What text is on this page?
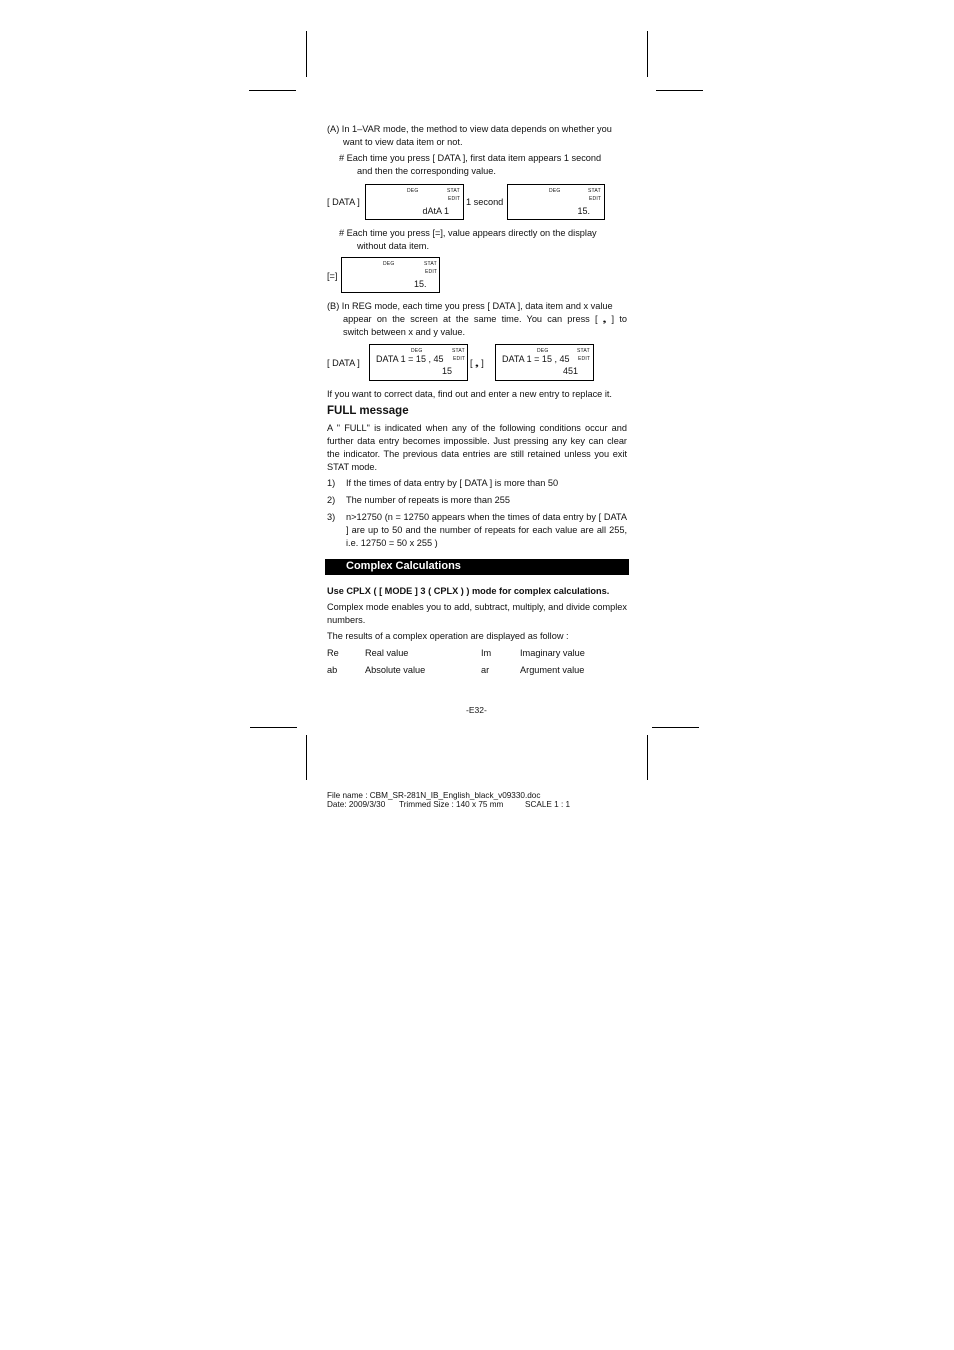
(A) In 1–VAR mode, the method to view data depends on whether you
want to view data item or not.
# Each time you press [ DATA ], first data item appears 1 second
and then the corresponding value.
[ DATA ]
DEG	STAT
EDIT
dAtA 1
1 second
DEG	STAT
EDIT
15.
# Each time you press [=], value appears directly on the display
without data item.
[=]
DEG	STAT
EDIT
15.
(B) In REG mode, each time you press [ DATA ], data item and x value
appear on the screen at the same time. You can press [ ❟ ] to
switch between x and y value.
[ DATA ]
DEG	STAT
EDIT
DATA 1 = 15 , 45
15
[ ❟ ]
DEG	STAT
EDIT
DATA 1 = 15 , 45
451
If you want to correct data, find out and enter a new entry to replace it.
FULL message
A " FULL" is indicated when any of the following conditions occur and further data entry becomes impossible. Just pressing any key can clear the indicator. The previous data entries are still retained unless you exit STAT mode.
1) If the times of data entry by [ DATA ] is more than 50
2) The number of repeats is more than 255
3) n>12750 (n = 12750 appears when the times of data entry by [ DATA ] are up to 50 and the number of repeats for each value are all 255, i.e. 12750 = 50 x 255 )
Complex Calculations
Use CPLX ( [ MODE ] 3 ( CPLX ) ) mode for complex calculations.
Complex mode enables you to add, subtract, multiply, and divide complex numbers.
The results of a complex operation are displayed as follow :
Re	Real value	Im	Imaginary value
ab	Absolute value	ar	Argument value
-E32-
File name : CBM_SR-281N_IB_English_black_v09330.doc
Date: 2009/3/30 Trimmed Size : 140 x 75 mm	SCALE 1 : 1
